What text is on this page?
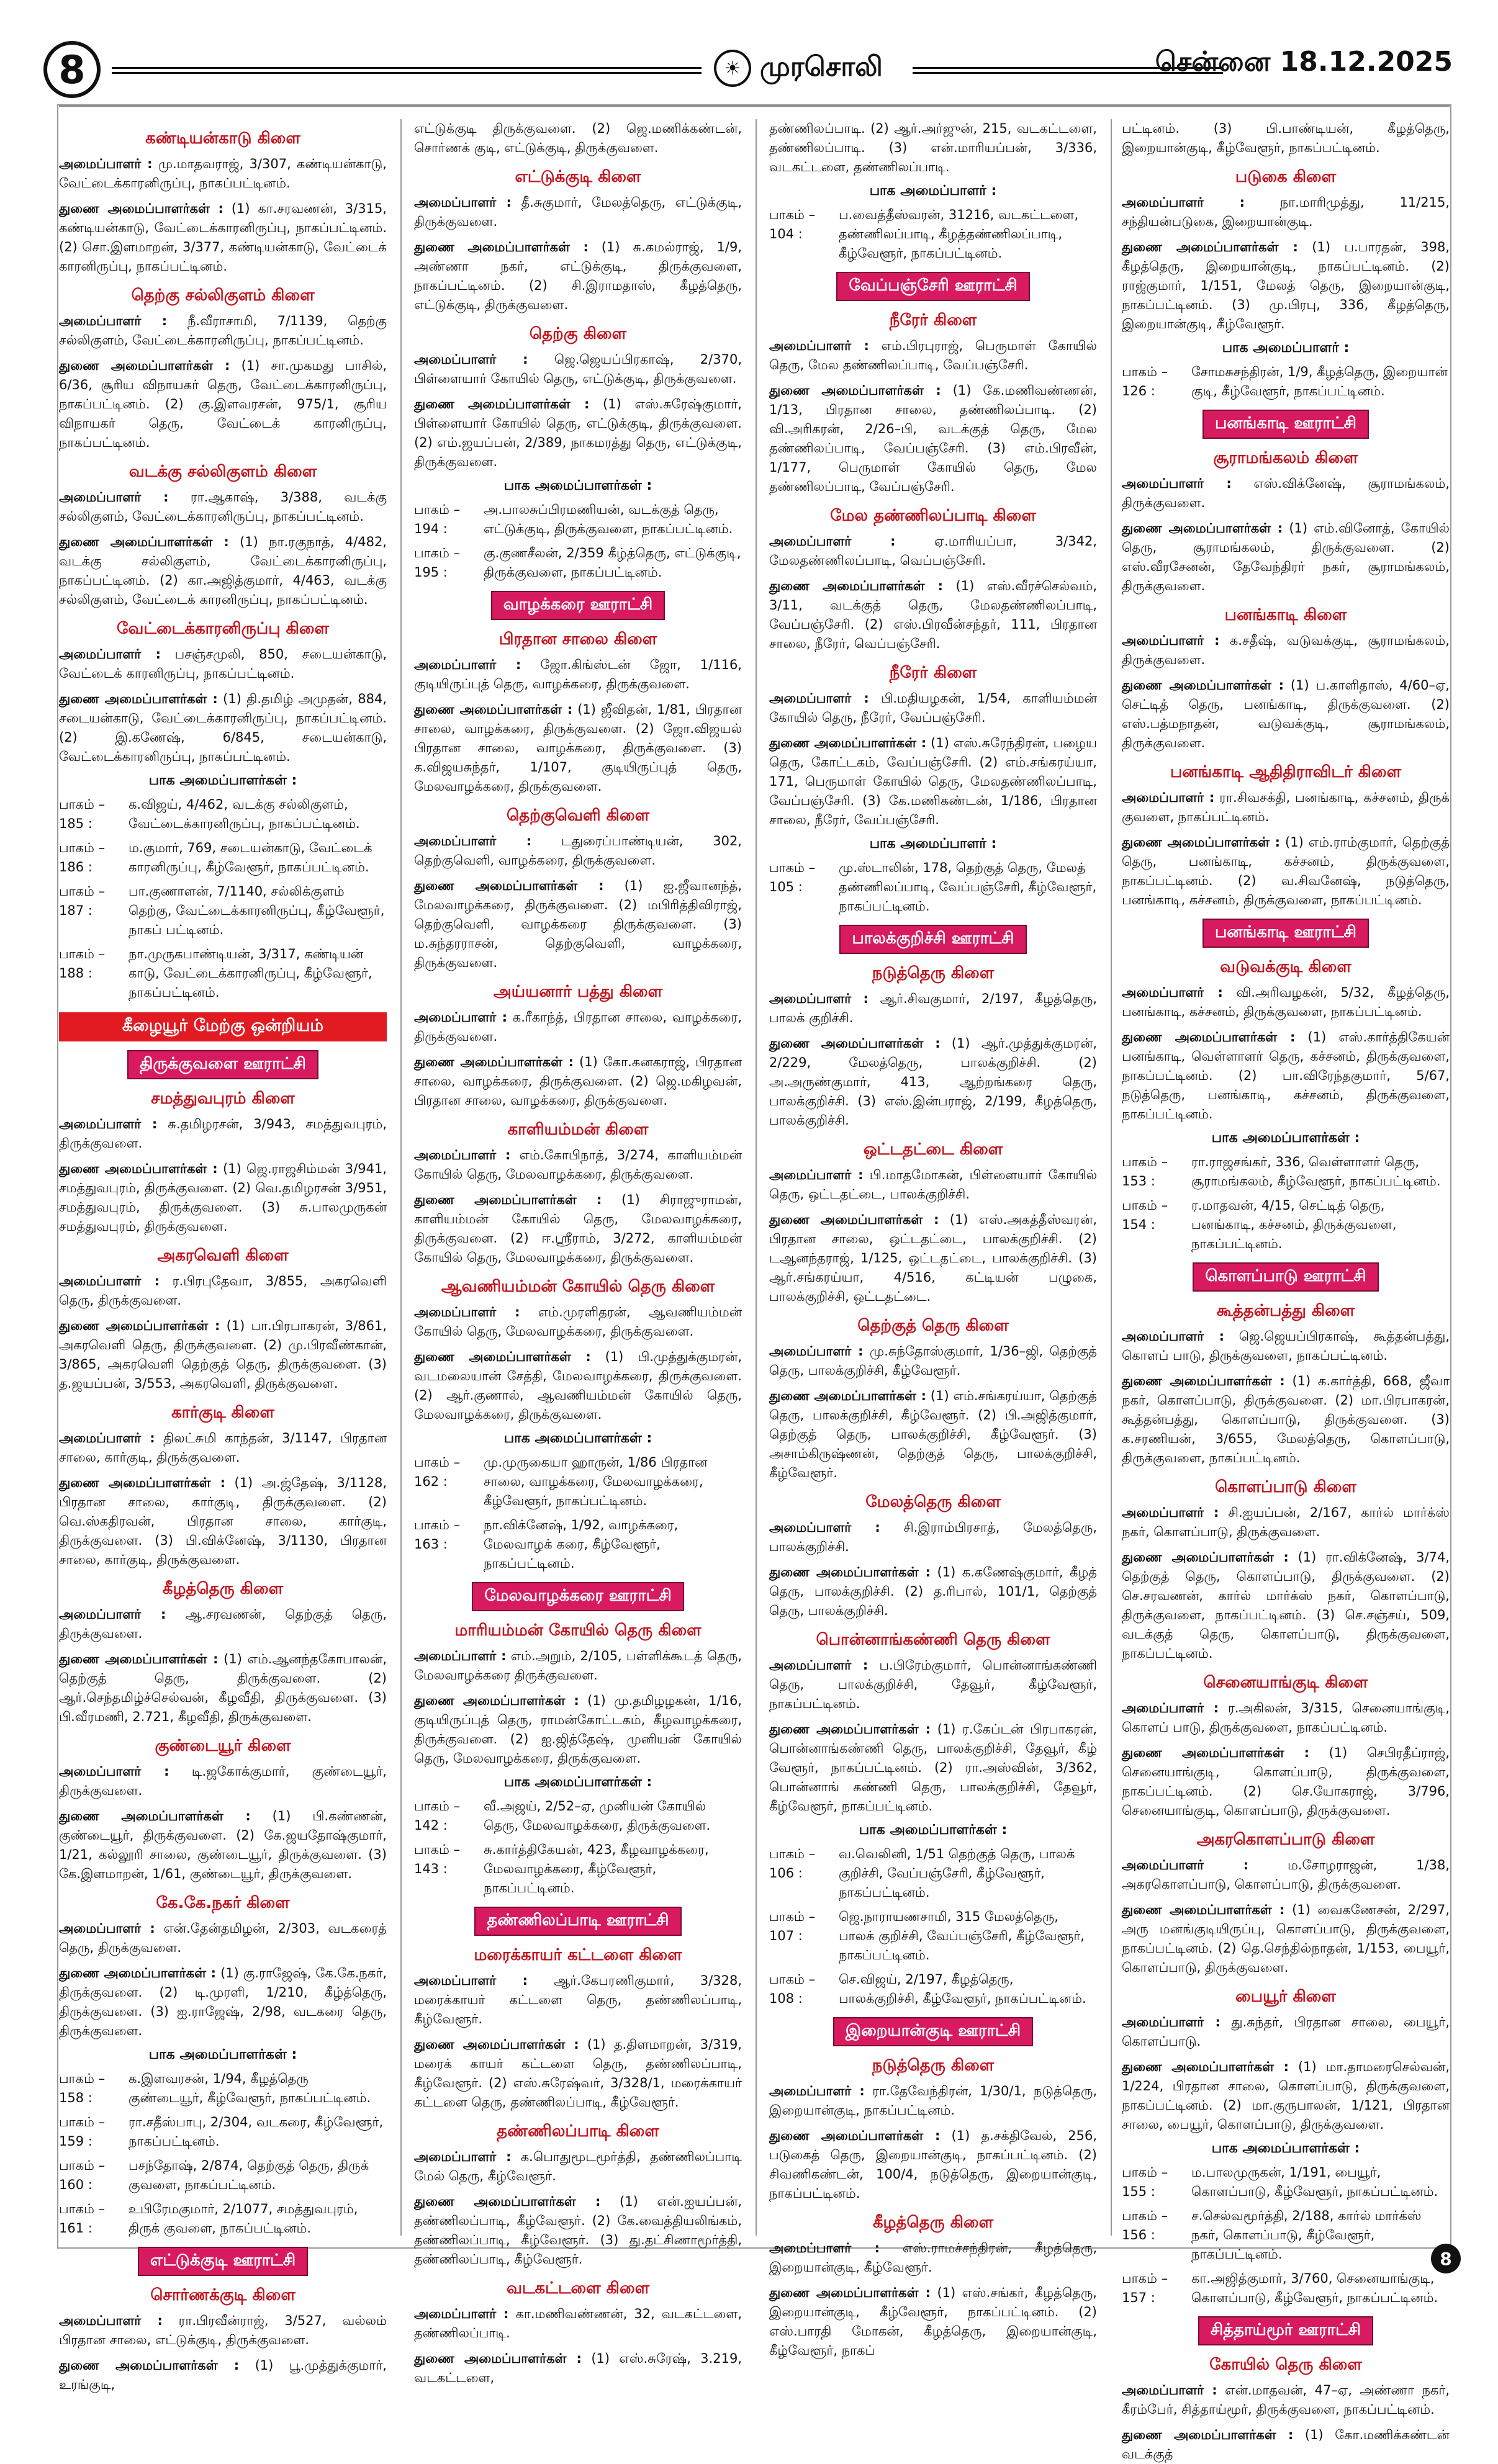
8	☀ முரசொலி	சென்னை 18.12.2025
கண்டியன்காடு கிளை

அமைப்பாளர் : மு.மாதவராஜ், 3/307, கண்டியன்காடு, வேட்டைக்காரனிருப்பு, நாகப்பட்டினம்.

துணை அமைப்பாளர்கள் : (1) கா.சரவணன், 3/315, கண்டியன்காடு, வேட்டைக்காரனிருப்பு, நாகப்பட்டினம். (2) சொ.இளமாறன், 3/377, கண்டியன்காடு, வேட்டைக் காரனிருப்பு, நாகப்பட்டினம்.

தெற்கு சல்லிகுளம் கிளை

அமைப்பாளர் : நீ.வீராசாமி, 7/1139, தெற்கு சல்லிகுளம், வேட்டைக்காரனிருப்பு, நாகப்பட்டினம்.

துணை அமைப்பாளர்கள் : (1) சா.முகமது பாசில், 6/36, சூரிய விநாயகர் தெரு, வேட்டைக்காரனிருப்பு, நாகப்பட்டினம். (2) கு.இளவரசன், 975/1, சூரிய விநாயகர் தெரு, வேட்டைக் காரனிருப்பு, நாகப்பட்டினம்.

வடக்கு சல்லிகுளம் கிளை

அமைப்பாளர் : ரா.ஆகாஷ், 3/388, வடக்கு சல்லிகுளம், வேட்டைக்காரனிருப்பு, நாகப்பட்டினம்.

துணை அமைப்பாளர்கள் : (1) நா.ரகுநாத், 4/482, வடக்கு சல்லிகுளம், வேட்டைக்காரனிருப்பு, நாகப்பட்டினம். (2) கா.அஜித்குமார், 4/463, வடக்கு சல்லிகுளம், வேட்டைக் காரனிருப்பு, நாகப்பட்டினம்.

வேட்டைக்காரனிருப்பு கிளை

அமைப்பாளர் : பசஞ்சமுலி, 850, சடையன்காடு, வேட்டைக் காரனிருப்பு, நாகப்பட்டினம்.

துணை அமைப்பாளர்கள் : (1) தி.தமிழ் அமுதன், 884, சடையன்காடு, வேட்டைக்காரனிருப்பு, நாகப்பட்டினம். (2) இ.கணேஷ், 6/845, சடையன்காடு, வேட்டைக்காரனிருப்பு, நாகப்பட்டினம்.

பாக அமைப்பாளர்கள் :
பாகம் – 185 :
க.விஜய், 4/462, வடக்கு சல்லிகுளம், வேட்டைக்காரனிருப்பு, நாகப்பட்டினம்.
பாகம் – 186 :
ம.குமார், 769, சடையன்காடு, வேட்டைக் காரனிருப்பு, கீழ்வேளூர், நாகப்பட்டினம்.
பாகம் – 187 :
பா.குணாளன், 7/1140, சல்லிக்குளம் தெற்கு, வேட்டைக்காரனிருப்பு, கீழ்வேளூர், நாகப் பட்டினம்.
பாகம் – 188 :
நா.முருகபாண்டியன், 3/317, கண்டியன் காடு, வேட்டைக்காரனிருப்பு, கீழ்வேளூர், நாகப்பட்டினம்.
கீழையூர் மேற்கு ஒன்றியம்
திருக்குவளை ஊராட்சி
சமத்துவபுரம் கிளை

அமைப்பாளர் : சு.தமிழரசன், 3/943, சமத்துவபுரம், திருக்குவளை.

துணை அமைப்பாளர்கள் : (1) ஜெ.ராஜசிம்மன் 3/941, சமத்துவபுரம், திருக்குவளை. (2) வெ.தமிழரசன் 3/951, சமத்துவபுரம், திருக்குவளை. (3) சு.பாலமுருகன் சமத்துவபுரம், திருக்குவளை.

அகரவெளி கிளை

அமைப்பாளர் : ர.பிரபுதேவா, 3/855, அகரவெளி தெரு, திருக்குவளை.

துணை அமைப்பாளர்கள் : (1) பா.பிரபாகரன், 3/861, அகரவெளி தெரு, திருக்குவளை. (2) மு.பிரவீண்கான், 3/865, அகரவெளி தெற்குத் தெரு, திருக்குவளை. (3) த.ஜயப்பன், 3/553, அகரவெளி, திருக்குவளை.

கார்குடி கிளை

அமைப்பாளர் : திலட்சுமி காந்தன், 3/1147, பிரதான சாலை, கார்குடி, திருக்குவளை.

துணை அமைப்பாளர்கள் : (1) அ.ஜ்தேஷ், 3/1128, பிரதான சாலை, கார்குடி, திருக்குவளை. (2) வெ.ஸ்கதிரவன், பிரதான சாலை, கார்குடி, திருக்குவளை. (3) பி.விக்னேஷ், 3/1130, பிரதான சாலை, கார்குடி, திருக்குவளை.

கீழத்தெரு கிளை

அமைப்பாளர் : ஆ.சரவணன், தெற்குத் தெரு, திருக்குவளை.

துணை அமைப்பாளர்கள் : (1) எம்.ஆனந்தகோபாலன், தெற்குத் தெரு, திருக்குவளை. (2) ஆர்.செந்தமிழ்ச்செல்வன், கீழவீதி, திருக்குவளை. (3) பி.வீரமணி, 2.721, கீழவீதி, திருக்குவளை.

குண்டையூர் கிளை

அமைப்பாளர் : டி.ஜகோக்குமார், குண்டையூர், திருக்குவளை.

துணை அமைப்பாளர்கள் : (1) பி.கண்ணன், குண்டையூர், திருக்குவளை. (2) கே.ஜயதோஷ்குமார், 1/21, கல்லூரி சாலை, குண்டையூர், திருக்குவளை. (3) கே.இளமாறன், 1/61, குண்டையூர், திருக்குவளை.

கே.கே.நகர் கிளை

அமைப்பாளர் : என்.தேன்தமிழன், 2/303, வடகரைத் தெரு, திருக்குவளை.

துணை அமைப்பாளர்கள் : (1) கு.ராஜேஷ், கே.கே.நகர், திருக்குவளை. (2) டி.முரளி, 1/210, கீழ்த்தெரு, திருக்குவளை. (3) ஐ.ராஜேஷ், 2/98, வடகரை தெரு, திருக்குவளை.

பாக அமைப்பாளர்கள் :
பாகம் – 158 :
க.இளவரசன், 1/94, கீழத்தெரு குண்டையூர், கீழ்வேளூர், நாகப்பட்டினம்.
பாகம் – 159 :
ரா.சதீஸ்பாபு, 2/304, வடகரை, கீழ்வேளூர், நாகப்பட்டினம்.
பாகம் – 160 :
பசந்தோஷ், 2/874, தெற்குத் தெரு, திருக் குவளை, நாகப்பட்டினம்.
பாகம் – 161 :
உபிரேமகுமார், 2/1077, சமத்துவபுரம், திருக் குவளை, நாகப்பட்டினம்.
எட்டுக்குடி ஊராட்சி
சொர்ணக்குடி கிளை

அமைப்பாளர் : ரா.பிரவீன்ராஜ், 3/527, வல்லம் பிரதான சாலை, எட்டுக்குடி, திருக்குவளை.

துணை அமைப்பாளர்கள் : (1) பூ.முத்துக்குமார், உரங்குடி,

எட்டுக்குடி திருக்குவளை. (2) ஜெ.மணிக்கண்டன், சொர்ணக் குடி, எட்டுக்குடி, திருக்குவளை.

எட்டுக்குடி கிளை

அமைப்பாளர் : தீ.சுகுமார், மேலத்தெரு, எட்டுக்குடி, திருக்குவளை.

துணை அமைப்பாளர்கள் : (1) சு.கமல்ராஜ், 1/9, அண்ணா நகர், எட்டுக்குடி, திருக்குவளை, நாகப்பட்டினம். (2) சி.இராமதாஸ், கீழத்தெரு, எட்டுக்குடி, திருக்குவளை.

தெற்கு கிளை

அமைப்பாளர் : ஜெ.ஜெயப்பிரகாஷ், 2/370, பிள்ளையார் கோயில் தெரு, எட்டுக்குடி, திருக்குவளை.

துணை அமைப்பாளர்கள் : (1) எஸ்.சுரேஷ்குமார், பிள்ளையார் கோயில் தெரு, எட்டுக்குடி, திருக்குவளை. (2) எம்.ஜயப்பன், 2/389, நாகமரத்து தெரு, எட்டுக்குடி, திருக்குவளை.

பாக அமைப்பாளர்கள் :
பாகம் – 194 :
அ.பாலசுப்பிரமணியன், வடக்குத் தெரு, எட்டுக்குடி, திருக்குவளை, நாகப்பட்டினம்.
பாகம் – 195 :
கு.குணசீலன், 2/359 கீழ்த்தெரு, எட்டுக்குடி, திருக்குவளை, நாகப்பட்டினம்.
வாழக்கரை ஊராட்சி
பிரதான சாலை கிளை

அமைப்பாளர் : ஜோ.கிங்ஸ்டன் ஜோ, 1/116, குடியிருப்புத் தெரு, வாழக்கரை, திருக்குவளை.

துணை அமைப்பாளர்கள் : (1) ஜீவிதன், 1/81, பிரதான சாலை, வாழக்கரை, திருக்குவளை. (2) ஜோ.விஜயல் பிரதான சாலை, வாழக்கரை, திருக்குவளை. (3) க.விஜயசுந்தர், 1/107, குடியிருப்புத் தெரு, மேலவாழக்கரை, திருக்குவளை.

தெற்குவெளி கிளை

அமைப்பாளர் : டதுரைப்பாண்டியன், 302, தெற்குவெளி, வாழக்கரை, திருக்குவளை.

துணை அமைப்பாளர்கள் : (1) ஐ.ஜீவானந்த், மேலவாழக்கரை, திருக்குவளை. (2) மபிரித்திவிராஜ், தெற்குவெளி, வாழக்கரை திருக்குவளை. (3) ம.சுந்தரராசன், தெற்குவெளி, வாழக்கரை, திருக்குவளை.

அய்யனார் பத்து கிளை

அமைப்பாளர் : க.ரீகாந்த், பிரதான சாலை, வாழக்கரை, திருக்குவளை.

துணை அமைப்பாளர்கள் : (1) கோ.கனகராஜ், பிரதான சாலை, வாழக்கரை, திருக்குவளை. (2) ஜெ.மகிழவன், பிரதான சாலை, வாழக்கரை, திருக்குவளை.

காளியம்மன் கிளை

அமைப்பாளர் : எம்.கோபிநாத், 3/274, காளியம்மன் கோயில் தெரு, மேலவாழக்கரை, திருக்குவளை.

துணை அமைப்பாளர்கள் : (1) சிராஜுராமன், காளியம்மன் கோயில் தெரு, மேலவாழக்கரை, திருக்குவளை. (2) ஈ.ஸ்ரீராம், 3/272, காளியம்மன் கோயில் தெரு, மேலவாழக்கரை, திருக்குவளை.

ஆவணியம்மன் கோயில் தெரு கிளை

அமைப்பாளர் : எம்.முரளிதரன், ஆவணியம்மன் கோயில் தெரு, மேலவாழக்கரை, திருக்குவளை.

துணை அமைப்பாளர்கள் : (1) பி.முத்துக்குமரன், வடமலையான் சேத்தி, மேலவாழக்கரை, திருக்குவளை. (2) ஆர்.குணால், ஆவணியம்மன் கோயில் தெரு, மேலவாழக்கரை, திருக்குவளை.

பாக அமைப்பாளர்கள் :
பாகம் – 162 :
மு.முருகையா ஹாருன், 1/86 பிரதான சாலை, வாழக்கரை, மேலவாழக்கரை, கீழ்வேளூர், நாகப்பட்டினம்.
பாகம் – 163 :
நா.விக்னேஷ், 1/92, வாழக்கரை, மேலவாழக் கரை, கீழ்வேளூர், நாகப்பட்டினம்.
மேலவாழக்கரை ஊராட்சி
மாரியம்மன் கோயில் தெரு கிளை

அமைப்பாளர் : எம்.அறும், 2/105, பள்ளிக்கூடத் தெரு, மேலவாழக்கரை திருக்குவளை.

துணை அமைப்பாளர்கள் : (1) மு.தமிழழகன், 1/16, குடியிருப்புத் தெரு, ராமன்கோட்டகம், கீழவாழக்கரை, திருக்குவளை. (2) ஐ.ஜித்தேஷ், முனியன் கோயில் தெரு, மேலவாழக்கரை, திருக்குவளை.

பாக அமைப்பாளர்கள் :
பாகம் – 142 :
வீ.அஜய், 2/52–ஏ, முனியன் கோயில் தெரு, மேலவாழக்கரை, திருக்குவளை.
பாகம் – 143 :
சு.கார்த்திகேயன், 423, கீழவாழக்கரை, மேலவாழக்கரை, கீழ்வேளூர், நாகப்பட்டினம்.
தண்ணிலப்பாடி ஊராட்சி
மரைக்காயர் கட்டளை கிளை

அமைப்பாளர் : ஆர்.கேபரணிகுமார், 3/328, மரைக்காயர் கட்டளை தெரு, தண்ணிலப்பாடி, கீழ்வேளூர்.

துணை அமைப்பாளர்கள் : (1) த.திளமாறன், 3/319, மரைக் காயர் கட்டளை தெரு, தண்ணிலப்பாடி, கீழ்வேளூர். (2) எஸ்.சுரேஷ்வர், 3/328/1, மரைக்காயர் கட்டளை தெரு, தண்ணிலப்பாடி, கீழ்வேளூர்.

தண்ணிலப்பாடி கிளை

அமைப்பாளர் : க.பொதுமூடமூர்த்தி, தண்ணிலப்பாடி மேல் தெரு, கீழ்வேளூர்.

துணை அமைப்பாளர்கள் : (1) என்.ஐயப்பன், தண்ணிலப்பாடி, கீழ்வேளூர். (2) கே.வைத்தியலிங்கம், தண்ணிலப்பாடி, கீழ்வேளூர். (3) து.தட்சிணாமூர்த்தி, தண்ணிலப்பாடி, கீழ்வேளூர்.

வடகட்டளை கிளை

அமைப்பாளர் : கா.மணிவண்ணன், 32, வடகட்டளை, தண்ணிலப்பாடி.

துணை அமைப்பாளர்கள் : (1) எஸ்.சுரேஷ், 3.219, வடகட்டளை,

தண்ணிலப்பாடி. (2) ஆர்.அர்ஜுன், 215, வடகட்டளை, தண்ணிலப்பாடி. (3) என்.மாரியப்பன், 3/336, வடகட்டளை, தண்ணிலப்பாடி.

பாக அமைப்பாளர் :
பாகம் – 104 :
ப.வைத்தீஸ்வரன், 31216, வடகட்டளை, தண்ணிலப்பாடி, கீழத்தண்ணிலப்பாடி, கீழ்வேளூர், நாகப்பட்டினம்.
வேப்பஞ்சேரி ஊராட்சி
நீரேர் கிளை

அமைப்பாளர் : எம்.பிரபுராஜ், பெருமாள் கோயில் தெரு, மேல தண்ணிலப்பாடி, வேப்பஞ்சேரி.

துணை அமைப்பாளர்கள் : (1) கே.மணிவண்ணன், 1/13, பிரதான சாலை, தண்ணிலப்பாடி. (2) வி.அரிகரன், 2/26–பி, வடக்குத் தெரு, மேல தண்ணிலப்பாடி, வேப்பஞ்சேரி. (3) எம்.பிரவீன், 1/177, பெருமாள் கோயில் தெரு, மேல தண்ணிலப்பாடி, வேப்பஞ்சேரி.

மேல தண்ணிலப்பாடி கிளை

அமைப்பாளர் :	ஏ.மாரியப்பா, 3/342, மேலதண்ணிலப்பாடி, வெப்பஞ்சேரி.

துணை அமைப்பாளர்கள் : (1) எஸ்.வீரச்செல்வம், 3/11, வடக்குத் தெரு, மேலதண்ணிலப்பாடி, வேப்பஞ்சேரி. (2) எஸ்.பிரவீன்சந்தர், 111, பிரதான சாலை, நீரேர், வெப்பஞ்சேரி.

நீரேர் கிளை

அமைப்பாளர் : பி.மதியழகன், 1/54, காளியம்மன் கோயில் தெரு, நீரேர், வேப்பஞ்சேரி.

துணை அமைப்பாளர்கள் : (1) எஸ்.சுரேந்திரன், பழைய தெரு, கோட்டகம், வேப்பஞ்சேரி. (2) எம்.சங்கரய்யா, 171, பெருமாள் கோயில் தெரு, மேலதண்ணிலப்பாடி, வேப்பஞ்சேரி. (3) கே.மணிகண்டன், 1/186, பிரதான சாலை, நீரேர், வேப்பஞ்சேரி.

பாக அமைப்பாளர் :
பாகம் – 105 :
மு.ஸ்டாலின், 178, தெற்குத் தெரு, மேலத் தண்ணிலப்பாடி, வேப்பஞ்சேரி, கீழ்வேளூர், நாகப்பட்டினம்.
பாலக்குறிச்சி ஊராட்சி
நடுத்தெரு கிளை

அமைப்பாளர் : ஆர்.சிவகுமார், 2/197, கீழத்தெரு, பாலக் குறிச்சி.

துணை அமைப்பாளர்கள் : (1) ஆர்.முத்துக்குமரன், 2/229, மேலத்தெரு, பாலக்குறிச்சி. (2) அ.அருண்குமார், 413, ஆற்றங்கரை தெரு, பாலக்குறிச்சி. (3) எஸ்.இன்பராஜ், 2/199, கீழத்தெரு, பாலக்குறிச்சி.

ஒட்டதட்டை கிளை

அமைப்பாளர் : பி.மாதமோகன், பிள்ளையார் கோயில் தெரு, ஒட்டதட்டை, பாலக்குறிச்சி.

துணை அமைப்பாளர்கள் : (1) எஸ்.அகத்தீஸ்வரன், பிரதான சாலை, ஒட்டதட்டை, பாலக்குறிச்சி. (2) டஆனந்தராஜ், 1/125, ஒட்டதட்டை, பாலக்குறிச்சி. (3) ஆர்.சங்கரய்யா, 4/516, கட்டியன் பழுகை, பாலக்குறிச்சி, ஒட்டதட்டை.

தெற்குத் தெரு கிளை

அமைப்பாளர் : மு.சுந்தோஸ்குமார், 1/36–ஜி, தெற்குத் தெரு, பாலக்குறிச்சி, கீழ்வேளூர்.

துணை அமைப்பாளர்கள் : (1) எம்.சங்கரய்யா, தெற்குத் தெரு, பாலக்குறிச்சி, கீழ்வேளூர். (2) பி.அஜித்குமார், தெற்குத் தெரு, பாலக்குறிச்சி, கீழ்வேளூர். (3) அசாம்கிருஷ்ணன், தெற்குத் தெரு, பாலக்குறிச்சி, கீழ்வேளூர்.

மேலத்தெரு கிளை

அமைப்பாளர் : சி.இராம்பிரசாத், மேலத்தெரு, பாலக்குறிச்சி.

துணை அமைப்பாளர்கள் : (1) க.கணேஷ்குமார், கீழத் தெரு, பாலக்குறிச்சி. (2) த.ரிபால், 101/1, தெற்குத் தெரு, பாலக்குறிச்சி.

பொன்னாங்கண்ணி தெரு கிளை

அமைப்பாளர் : ப.பிரேம்குமார், பொன்னாங்கண்ணி தெரு, பாலக்குறிச்சி, தேவூர், கீழ்வேளூர், நாகப்பட்டினம்.

துணை அமைப்பாளர்கள் : (1) ர.கேப்டன் பிரபாகரன், பொன்னாங்கண்ணி தெரு, பாலக்குறிச்சி, தேவூர், கீழ் வேளூர், நாகப்பட்டினம். (2) ரா.அஸ்வின், 3/362, பொன்னாங் கண்ணி தெரு, பாலக்குறிச்சி, தேவூர், கீழ்வேளூர், நாகப்பட்டினம்.

பாக அமைப்பாளர்கள் :
பாகம் – 106 :
வ.வெலினி, 1/51 தெற்குத் தெரு, பாலக் குறிச்சி, வேப்பஞ்சேரி, கீழ்வேளூர், நாகப்பட்டினம்.
பாகம் – 107 :
ஜெ.நாராயணசாமி, 315 மேலத்தெரு, பாலக் குறிச்சி, வேப்பஞ்சேரி, கீழ்வேளூர், நாகப்பட்டினம்.
பாகம் – 108 :
செ.விஜய், 2/197, கீழத்தெரு, பாலக்குறிச்சி, கீழ்வேளூர், நாகப்பட்டினம்.
இறையான்குடி ஊராட்சி
நடுத்தெரு கிளை

அமைப்பாளர் : ரா.தேவேந்திரன், 1/30/1, நடுத்தெரு, இறையான்குடி, நாகப்பட்டினம்.

துணை அமைப்பாளர்கள் : (1) த.சக்திவேல், 256, படுகைத் தெரு, இறையான்குடி, நாகப்பட்டினம். (2) சிவணிகண்டன், 100/4, நடுத்தெரு, இறையான்குடி, நாகப்பட்டினம்.

கீழத்தெரு கிளை

அமைப்பாளர் : எஸ்.ராமச்சந்திரன், கீழத்தெரு, இறையான்குடி, கீழ்வேளூர்.

துணை அமைப்பாளர்கள் : (1) எஸ்.சங்கர், கீழத்தெரு, இறையான்குடி, கீழ்வேளூர், நாகப்பட்டினம். (2) எஸ்.பாரதி மோகன், கீழத்தெரு, இறையான்குடி, கீழ்வேளூர், நாகப்

பட்டினம். (3) பி.பாண்டியன், கீழத்தெரு, இறையான்குடி, கீழ்வேளூர், நாகப்பட்டினம்.

படுகை கிளை

அமைப்பாளர் :	நா.மாரிமுத்து, 11/215, சந்தியன்படுகை, இறையான்குடி.

துணை அமைப்பாளர்கள் : (1) ப.பாரதன், 398, கீழத்தெரு, இறையான்குடி, நாகப்பட்டினம். (2) ராஜ்குமார், 1/151, மேலத் தெரு, இறையான்குடி, நாகப்பட்டினம். (3) மு.பிரபு, 336, கீழத்தெரு, இறையான்குடி, கீழ்வேளூர்.

பாக அமைப்பாளர் :
பாகம் – 126 :
சோமசுசந்திரன், 1/9, கீழத்தெரு, இறையான் குடி, கீழ்வேளூர், நாகப்பட்டினம்.
பனங்காடி ஊராட்சி
சூராமங்கலம் கிளை

அமைப்பாளர் : எஸ்.விக்னேஷ், சூராமங்கலம், திருக்குவளை.

துணை அமைப்பாளர்கள் : (1) எம்.வினோத், கோயில் தெரு, சூராமங்கலம், திருக்குவளை. (2) எஸ்.வீரசேனன், தேவேந்திரர் நகர், சூராமங்கலம், திருக்குவளை.

பனங்காடி கிளை

அமைப்பாளர் : க.சதீஷ், வடுவக்குடி, சூராமங்கலம், திருக்குவளை.

துணை அமைப்பாளர்கள் : (1) ப.காளிதாஸ், 4/60–ஏ, செட்டித் தெரு, பனங்காடி, திருக்குவளை. (2) எஸ்.பத்மநாதன், வடுவக்குடி, சூராமங்கலம், திருக்குவளை.

பனங்காடி ஆதிதிராவிடர் கிளை

அமைப்பாளர் : ரா.சிவசக்தி, பனங்காடி, கச்சனம், திருக் குவளை, நாகப்பட்டினம்.

துணை அமைப்பாளர்கள் : (1) எம்.ராம்குமார், தெற்குத் தெரு, பனங்காடி, கச்சனம், திருக்குவளை, நாகப்பட்டினம். (2) வ.சிவனேஷ், நடுத்தெரு, பனங்காடி, கச்சனம், திருக்குவளை, நாகப்பட்டினம்.

பனங்காடி ஊராட்சி
வடுவக்குடி கிளை

அமைப்பாளர் : வி.அரிவழகன், 5/32, கீழத்தெரு, பனங்காடி, கச்சனம், திருக்குவளை, நாகப்பட்டினம்.

துணை அமைப்பாளர்கள் : (1) எஸ்.கார்த்திகேயன் பனங்காடி, வெள்ளாளர் தெரு, கச்சனம், திருக்குவளை, நாகப்பட்டினம். (2) பா.விரேந்தகுமார், 5/67, நடுத்தெரு, பனங்காடி, கச்சனம், திருக்குவளை, நாகப்பட்டினம்.

பாக அமைப்பாளர்கள் :
பாகம் – 153 :
ரா.ராஜசங்கர், 336, வெள்ளாளர் தெரு, சூராமங்கலம், கீழ்வேளூர், நாகப்பட்டினம்.
பாகம் – 154 :
ர.மாதவன், 4/15, செட்டித் தெரு, பனங்காடி, கச்சனம், திருக்குவளை, நாகப்பட்டினம்.
கொளப்பாடு ஊராட்சி
கூத்தன்பத்து கிளை

அமைப்பாளர் : ஜெ.ஜெயப்பிரகாஷ், கூத்தன்பத்து, கொளப் பாடு, திருக்குவளை, நாகப்பட்டினம்.

துணை அமைப்பாளர்கள் : (1) க.கார்த்தி, 668, ஜீவா நகர், கொளப்பாடு, திருக்குவளை. (2) மா.பிரபாகரன், கூத்தன்பத்து, கொளப்பாடு, திருக்குவளை. (3) க.சரணியன், 3/655, மேலத்தெரு, கொளப்பாடு, திருக்குவளை, நாகப்பட்டினம்.

கொளப்பாடு கிளை

அமைப்பாளர் : சி.ஐயப்பன், 2/167, கார்ல் மார்க்ஸ் நகர், கொளப்பாடு, திருக்குவளை.

துணை அமைப்பாளர்கள் : (1) ரா.விக்னேஷ், 3/74, தெற்குத் தெரு, கொளப்பாடு, திருக்குவளை. (2) செ.சரவணன், கார்ல் மார்க்ஸ் நகர், கொளப்பாடு, திருக்குவளை, நாகப்பட்டினம். (3) செ.சஞ்சய், 509, வடக்குத் தெரு, கொளப்பாடு, திருக்குவளை, நாகப்பட்டினம்.

செனையாங்குடி கிளை

அமைப்பாளர் : ர.அகிலன், 3/315, செனையாங்குடி, கொளப் பாடு, திருக்குவளை, நாகப்பட்டினம்.

துணை அமைப்பாளர்கள் : (1) செபிரதீப்ராஜ், செனையாங்குடி, கொளப்பாடு, திருக்குவளை, நாகப்பட்டினம். (2) செ.யோகராஜ், 3/796, செனையாங்குடி, கொளப்பாடு, திருக்குவளை.

அகரகொளப்பாடு கிளை

அமைப்பாளர் :	ம.சோழராஜன், 1/38, அகரகொளப்பாடு, கொளப்பாடு, திருக்குவளை.

துணை அமைப்பாளர்கள் : (1) வைகணேசன், 2/297, அரு மனங்குடியிருப்பு, கொளப்பாடு, திருக்குவளை, நாகப்பட்டினம். (2) தெ.செந்தில்நாதன், 1/153, பையூர், கொளப்பாடு, திருக்குவளை.

பையூர் கிளை

அமைப்பாளர் : து.சுந்தர், பிரதான சாலை, பையூர், கொளப்பாடு.

துணை அமைப்பாளர்கள் : (1) மா.தாமரைசெல்வன், 1/224, பிரதான சாலை, கொளப்பாடு, திருக்குவளை, நாகப்பட்டினம். (2) மா.குருபாலன், 1/121, பிரதான சாலை, பையூர், கொளப்பாடு, திருக்குவளை.

பாக அமைப்பாளர்கள் :
பாகம் – 155 :
ம.பாலமுருகன், 1/191, பையூர், கொளப்பாடு, கீழ்வேளூர், நாகப்பட்டினம்.
பாகம் – 156 :
ச.செல்வமூர்த்தி, 2/188, கார்ல் மார்க்ஸ் நகர், கொளப்பாடு, கீழ்வேளூர், நாகப்பட்டினம்.
பாகம் – 157 :
கா.அஜித்குமார், 3/760, செனையாங்குடி, கொளப்பாடு, கீழ்வேளூர், நாகப்பட்டினம்.
சித்தாய்மூர் ஊராட்சி
கோயில் தெரு கிளை

அமைப்பாளர் : என்.மாதவன், 47–ஏ, அண்ணா நகர், கீரம்பேர், சித்தாய்மூர், திருக்குவளை, நாகப்பட்டினம்.

துணை அமைப்பாளர்கள் : (1) கோ.மணிக்கண்டன் வடக்குத்

8
